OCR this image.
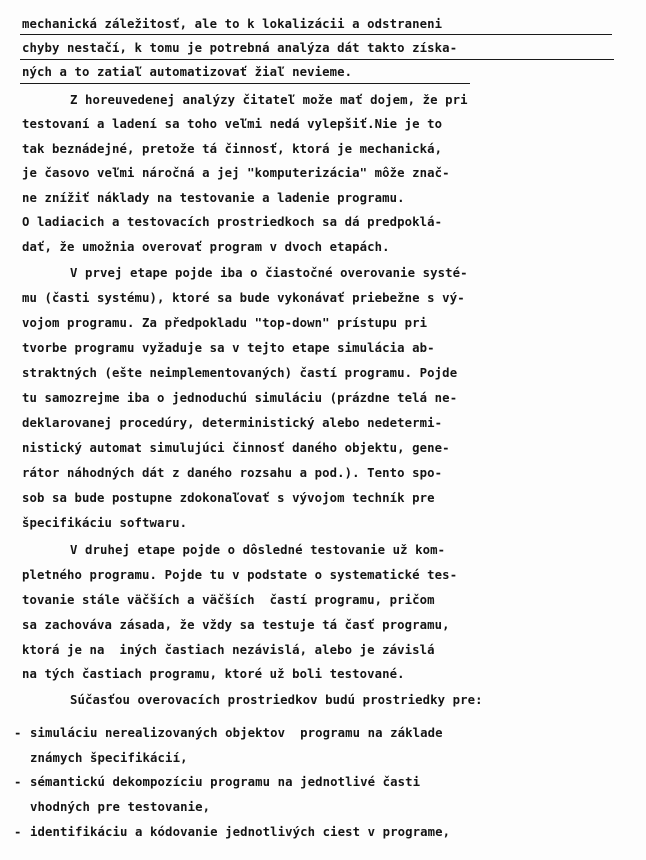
mechanická záležitosť, ale to k lokalizácii a odstraneni
chyby nestačí, k tomu je potrebná analýza dát takto získa-
ných a to zatiaľ automatizovať žiaľ nevieme.
Z horeuvedenej analýzy čitateľ može mať dojem, že pri
testovaní a ladení sa toho veľmi nedá vylepšiť.Nie je to
tak beznádejné, pretože tá činnosť, ktorá je mechanická,
je časovo veľmi náročná a jej "komputerizácia" môže znač-
ne znížiť náklady na testovanie a ladenie programu.
O ladiacich a testovacích prostriedkoch sa dá predpoklá-
dať, že umožnia overovať program v dvoch etapách.
V prvej etape pojde iba o čiastočné overovanie systé-
mu (časti systému), ktoré sa bude vykonávať priebežne s vý-
vojom programu. Za předpokladu "top-down" prístupu pri
tvorbe programu vyžaduje sa v tejto etape simulácia ab-
straktných (ešte neimplementovaných) častí programu. Pojde
tu samozrejme iba o jednoduchú simuláciu (prázdne telá ne-
deklarovanej procedúry, deterministický alebo nedetermi-
nistický automat simulujúci činnosť daného objektu, gene-
rátor náhodných dát z daného rozsahu a pod.). Tento spo-
sob sa bude postupne zdokonaľovať s vývojom techník pre
špecifikáciu softwaru.
V druhej etape pojde o dôsledné testovanie už kom-
pletného programu. Pojde tu v podstate o systematické tes-
tovanie stále väčších a väčších  častí programu, pričom
sa zachováva zásada, že vždy sa testuje tá časť programu,
ktorá je na  iných častiach nezávislá, alebo je závislá
na tých častiach programu, ktoré už boli testované.
Súčasťou overovacích prostriedkov budú prostriedky pre:
- simuláciu nerealizovaných objektov  programu na základe
známych špecifikácií,
- sémantickú dekompozíciu programu na jednotlivé časti
vhodných pre testovanie,
- identifikáciu a kódovanie jednotlivých ciest v programe,
